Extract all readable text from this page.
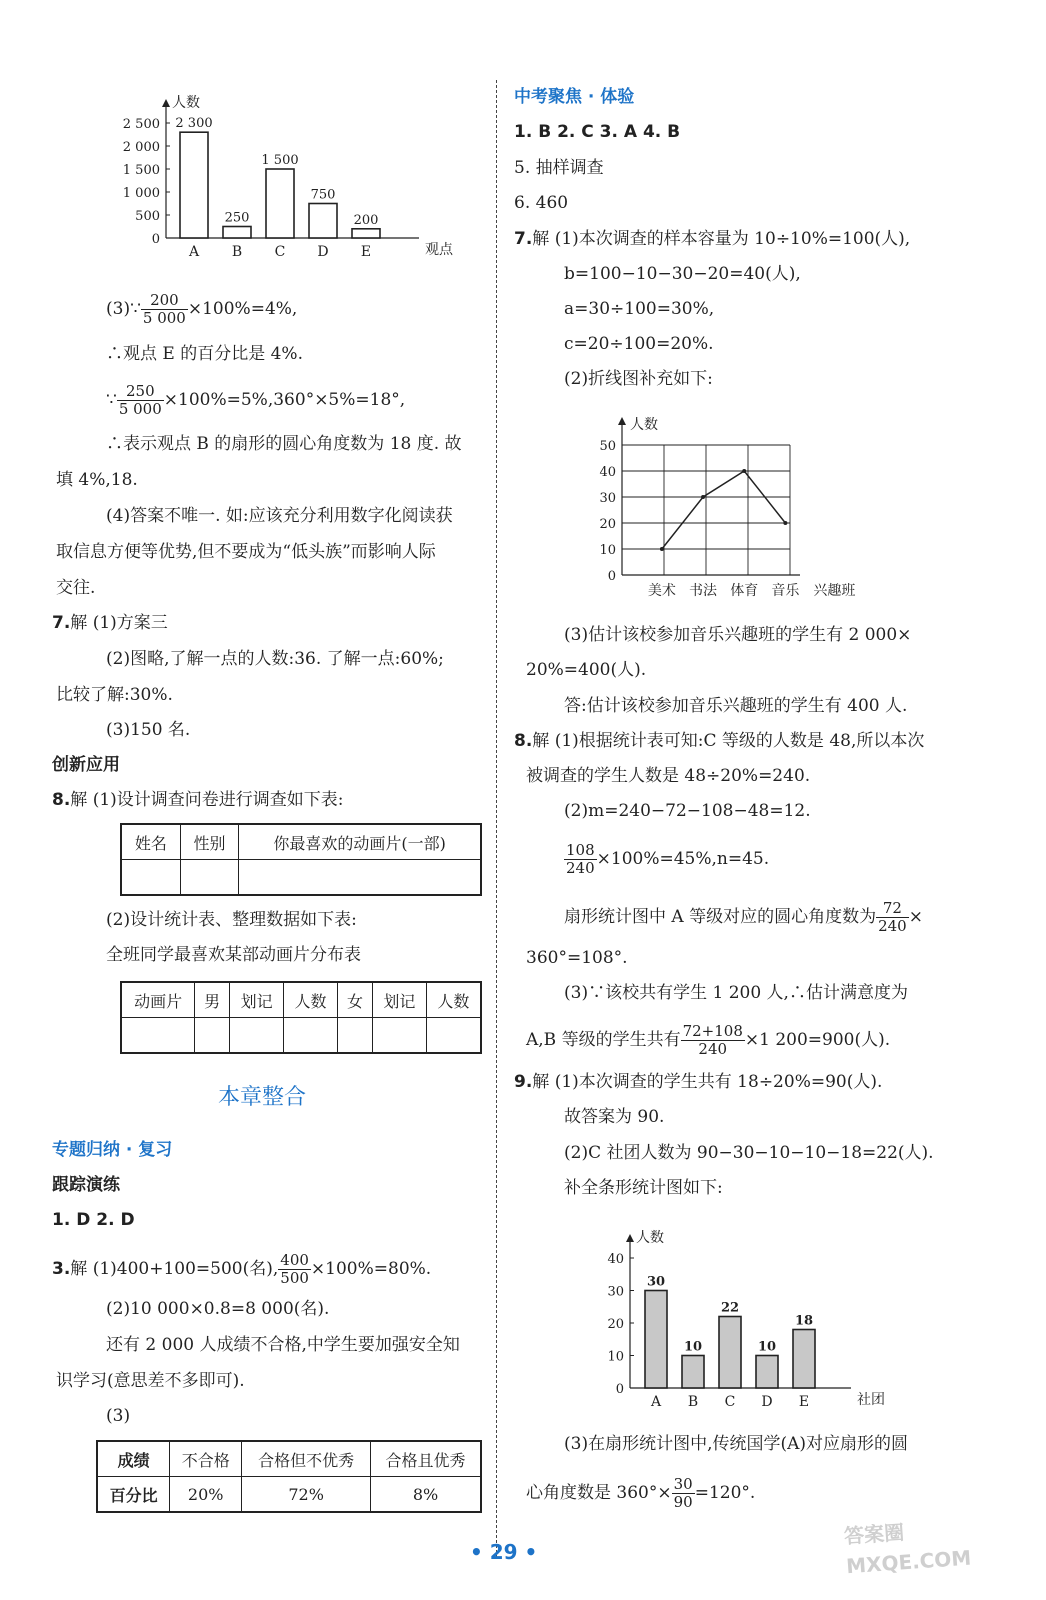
人数
观点
0
500
1 000
1 500
2 000
2 500 2 300
A
250
B
1 500
C
750
D
200
E
(3)∵ $\frac{200}{5 000} \times 100\%=4\%$,
∴观点 E 的百分比是 4%.
∵ $\frac{250}{5 000} \times 100\%=5\%,360^\circ\times 5\%=18^\circ$,
∴表示观点 B 的扇形的圆心角度数为 18 度. 故
填 4%,18.
(4)答案不唯一. 如:应该充分利用数字化阅读获
取信息方便等优势,但不要成为“低头族”而影响人际
交往.
7.解 (1)方案三
(2)图略,了解一点的人数:36. 了解一点:60%;
比较了解:30%.
(3)150 名.
创新应用
8.解 (1)设计调查问卷进行调查如下表:
姓名	性别	你最喜欢的动画片(一部)

(2)设计统计表、整理数据如下表:
全班同学最喜欢某部动画片分布表
动画片	男	划记	人数	女	划记	人数

本章整合
专题归纳 · 复习
跟踪演练
1. D 2. D
3.解 (1)400+100=500(名), $\frac{400}{500} \times 100\%=80\%$.
(2)10 000×0.8=8 000(名).
还有 2 000 人成绩不合格,中学生要加强安全知
识学习(意思差不多即可).
(3)
成绩	不合格	合格但不优秀	合格且优秀
百分比	20%	72%	8%
中考聚焦 · 体验
1. B 2. C 3. A 4. B
5. 抽样调查
6. 460
7.解 (1)本次调查的样本容量为 10÷10%=100(人),
b=100−10−30−20=40(人),
a=30÷100=30%,
c=20÷100=20%.
(2)折线图补充如下:
人数
0
10
20
30
40
50
美术 书法 体育 音乐 兴趣班
(3)估计该校参加音乐兴趣班的学生有 2 000×
20%=400(人).
答:估计该校参加音乐兴趣班的学生有 400 人.
8.解 (1)根据统计表可知:C 等级的人数是 48,所以本次
被调查的学生人数是 48÷20%=240.
(2)m=240−72−108−48=12.
$\frac{108}{240} \times 100\%=45\%,n=45$.
扇形统计图中 A 等级对应的圆心角度数为 $\frac{72}{240}$ ×
360°=108°.
(3)∵该校共有学生 1 200 人,∴估计满意度为
A,B 等级的学生共有 $\frac{72+108}{240} \times 1$ 200=900(人).
9.解 (1)本次调查的学生共有 18÷20%=90(人).
故答案为 90.
(2)C 社团人数为 90−30−10−10−18=22(人).
补全条形统计图如下:
人数
社团
0
10
20
30
40
30
A
10
B
22
C
10
D
18
E
(3)在扇形统计图中,传统国学(A)对应扇形的圆
心角度数是 $360^\circ\times \frac{30}{90} =120^\circ$.
• 29 •
答案圈 MXQE.COM
